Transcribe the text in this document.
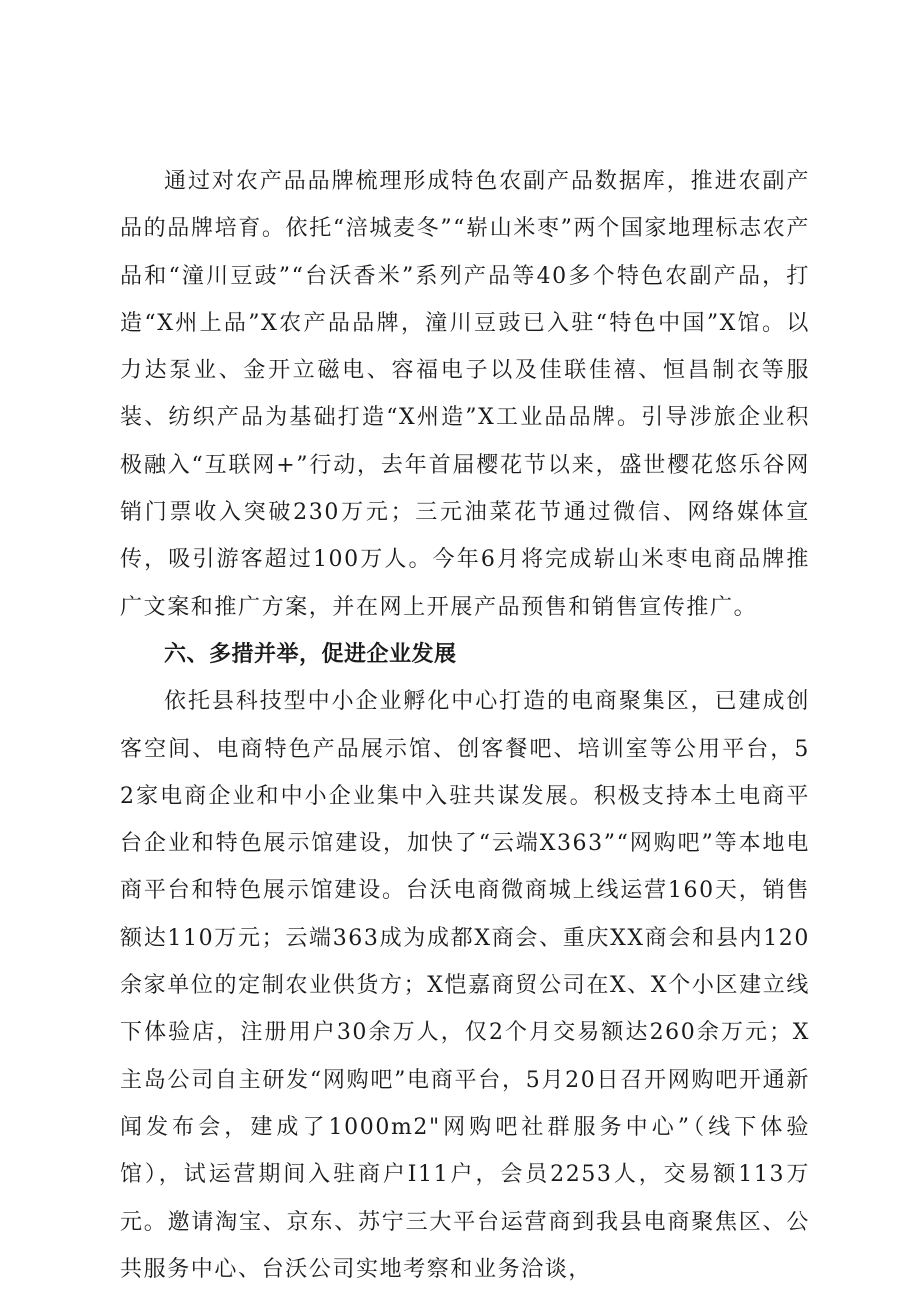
通过对农产品品牌梳理形成特色农副产品数据库，推进农副产品的品牌培育。依托“涪城麦冬”“崭山米枣”两个国家地理标志农产品和“潼川豆豉”“台沃香米”系列产品等40多个特色农副产品，打造“X州上品”X农产品品牌，潼川豆豉已入驻“特色中国”X馆。以力达泵业、金开立磁电、容福电子以及佳联佳禧、恒昌制衣等服装、纺织产品为基础打造“X州造”X工业品品牌。引导涉旅企业积极融入“互联网+”行动，去年首届樱花节以来，盛世樱花悠乐谷网销门票收入突破230万元；三元油菜花节通过微信、网络媒体宣传，吸引游客超过100万人。今年6月将完成崭山米枣电商品牌推广文案和推广方案，并在网上开展产品预售和销售宣传推广。

六、多措并举，促进企业发展

依托县科技型中小企业孵化中心打造的电商聚集区，已建成创客空间、电商特色产品展示馆、创客餐吧、培训室等公用平台，52家电商企业和中小企业集中入驻共谋发展。积极支持本土电商平台企业和特色展示馆建设，加快了“云端X363”“网购吧”等本地电商平台和特色展示馆建设。台沃电商微商城上线运营160天，销售额达110万元；云端363成为成都X商会、重庆XX商会和县内120余家单位的定制农业供货方；X恺嘉商贸公司在X、X个小区建立线下体验店，注册用户30余万人，仅2个月交易额达260余万元；X主岛公司自主研发“网购吧”电商平台，5月20日召开网购吧开通新闻发布会，建成了1000m2"网购吧社群服务中心”（线下体验馆），试运营期间入驻商户I11户，会员2253人，交易额113万元。邀请淘宝、京东、苏宁三大平台运营商到我县电商聚焦区、公共服务中心、台沃公司实地考察和业务洽谈，
